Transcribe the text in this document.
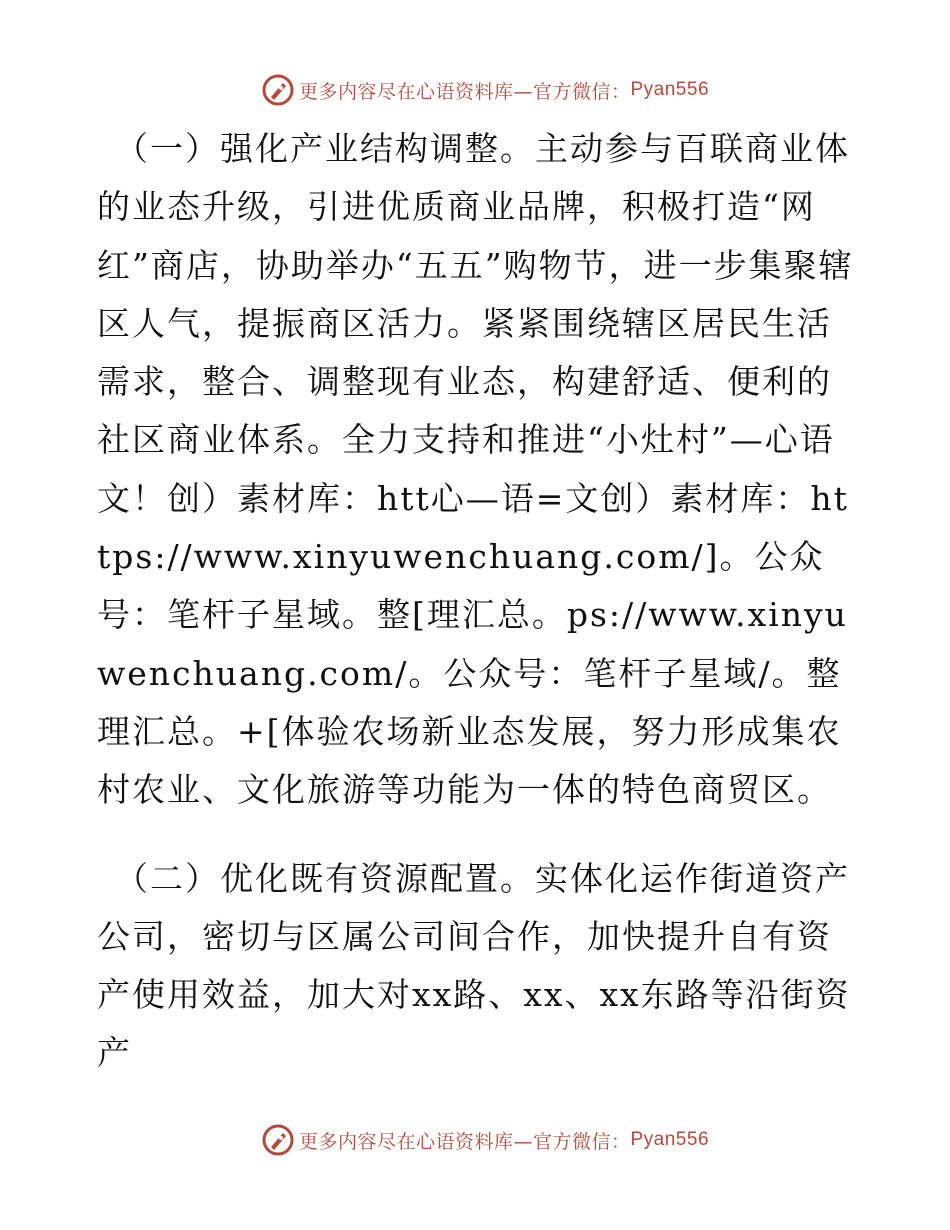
更多内容尽在心语资料库—官方微信： Pyan556

（一）强化产业结构调整。主动参与百联商业体的业态升级，引进优质商业品牌，积极打造“网红”商店，协助举办“五五”购物节，进一步集聚辖区人气，提振商区活力。紧紧围绕辖区居民生活需求，整合、调整现有业态，构建舒适、便利的社区商业体系。全力支持和推进“小灶村”—心语文！创）素材库：htt心—语=文创）素材库：https://www.xinyuwenchuang.com/]。公众号：笔杆子星域。整[理汇总。ps://www.xinyuwenchuang.com/。公众号：笔杆子星域/。整理汇总。+[体验农场新业态发展，努力形成集农村农业、文化旅游等功能为一体的特色商贸区。

（二）优化既有资源配置。实体化运作街道资产公司，密切与区属公司间合作，加快提升自有资产使用效益，加大对xx路、xx、xx东路等沿街资产

更多内容尽在心语资料库—官方微信： Pyan556
